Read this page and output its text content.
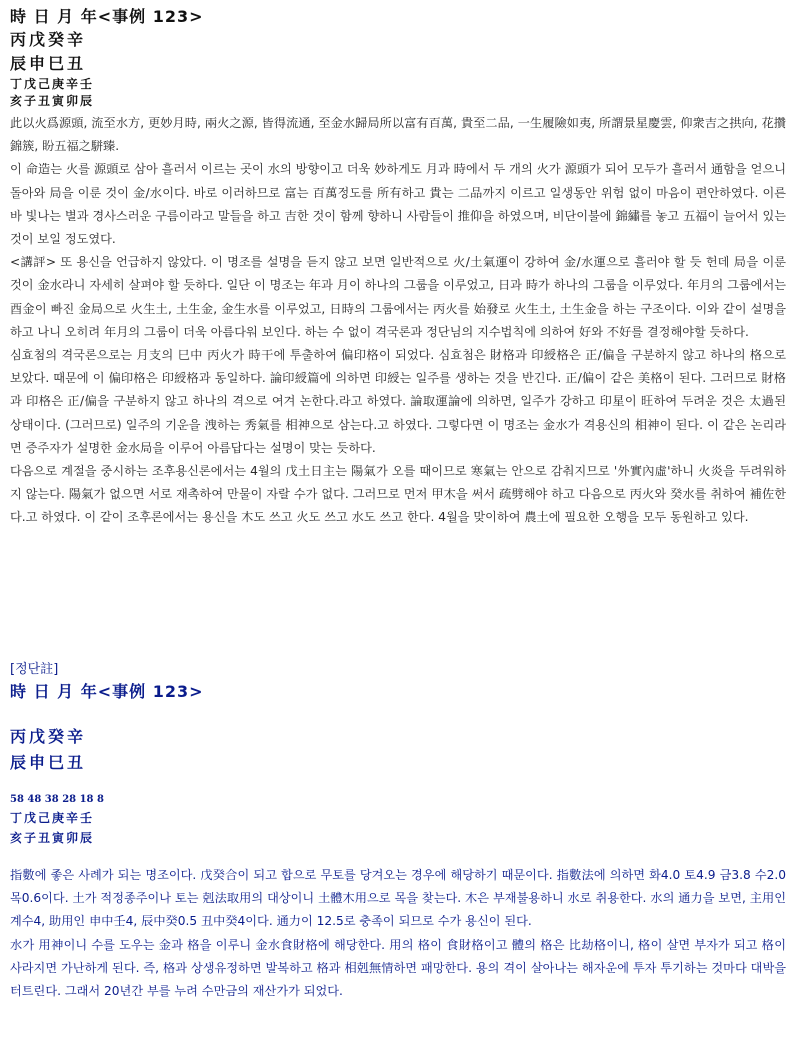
時 日 月 年<事例 123>
丙戊癸辛
辰申巳丑
丁戊己庚辛壬
亥子丑寅卯辰

此以火爲源頭, 流至水方, 更妙月時, 兩火之源, 皆得流通, 至金水歸局所以富有百萬, 貴至二品, 一生履險如夷, 所謂景星慶雲, 仰衆吉之拱向, 花攢錦簇, 盼五福之駢臻.

이 命造는 火를 源頭로 삼아 흘러서 이르는 곳이 水의 방향이고 더욱 妙하게도 月과 時에서 두 개의 火가 源頭가 되어 모두가 흘러서 通함을 얻으니 돌아와 局을 이룬 것이 金/水이다. 바로 이러하므로 富는 百萬정도를 所有하고 貴는 二品까지 이르고 일생동안 위험 없이 마음이 편안하였다. 이른바 빛나는 별과 경사스러운 구름이라고 말들을 하고 吉한 것이 함께 향하니 사람들이 推仰을 하였으며, 비단이불에 錦繡를 놓고 五福이 늘어서 있는 것이 보일 정도였다.

<講評> 또 용신을 언급하지 않았다. 이 명조를 설명을 듣지 않고 보면 일반적으로 火/土氣運이 강하여 金/水運으로 흘러야 할 듯 헌데 局을 이룬 것이 金水라니 자세히 살펴야 할 듯하다. 일단 이 명조는 年과 月이 하나의 그룹을 이루었고, 日과 時가 하나의 그룹을 이루었다. 年月의 그룹에서는 酉金이 빠진 金局으로 火生土, 土生金, 金生水를 이루었고, 日時의 그룹에서는 丙火를 始發로 火生土, 土生金을 하는 구조이다. 이와 같이 설명을 하고 나니 오히려 年月의 그룹이 더욱 아름다워 보인다. 하는 수 없이 격국론과 정단님의 지수법칙에 의하여 好와 不好를 결정해야할 듯하다.

심효첨의 격국론으로는 月支의 巳中 丙火가 時干에 투출하여 偏印格이 되었다. 심효첨은 財格과 印綬格은 正/偏을 구분하지 않고 하나의 格으로 보았다. 때문에 이 偏印格은 印綬格과 동일하다. 論印綬篇에 의하면 印綬는 일주를 생하는 것을 반긴다. 正/偏이 같은 美格이 된다. 그러므로 財格과 印格은 正/偏을 구분하지 않고 하나의 격으로 여겨 논한다.라고 하였다. 論取運論에 의하면, 일주가 강하고 印星이 旺하여 두려운 것은 太過된 상태이다. (그러므로) 일주의 기운을 洩하는 秀氣를 相神으로 삼는다.고 하였다. 그렇다면 이 명조는 金水가 격용신의 相神이 된다. 이 같은 논리라면 증주자가 설명한 金水局을 이루어 아름답다는 설명이 맞는 듯하다.

다음으로 계절을 중시하는 조후용신론에서는 4월의 戊土日主는 陽氣가 오를 때이므로 寒氣는 안으로 감춰지므로 '外實內虛'하니 火炎을 두려워하지 않는다. 陽氣가 없으면 서로 재촉하여 만물이 자랄 수가 없다. 그러므로 먼저 甲木을 써서 疏劈해야 하고 다음으로 丙火와 癸水를 취하여 補佐한다.고 하였다. 이 같이 조후론에서는 용신을 木도 쓰고 火도 쓰고 水도 쓰고 한다. 4월을 맞이하여 農土에 필요한 오행을 모두 동원하고 있다.

[정단註]
時 日 月 年<事例 123>
丙戊癸辛
辰申巳丑
58 48 38 28 18 8
丁戊己庚辛壬
亥子丑寅卯辰

指數에 좋은 사례가 되는 명조이다. 戊癸合이 되고 합으로 무토를 당겨오는 경우에 해당하기 때문이다. 指數法에 의하면 화4.0 토4.9 금3.8 수2.0 목0.6이다. 土가 적정종주이나 토는 剋法取用의 대상이니 土體木用으로 목을 찾는다. 木은 부재불용하니 水로 취용한다. 水의 通力을 보면, 主用인 계수4, 助用인 申中壬4, 辰中癸0.5 丑中癸4이다. 通力이 12.5로 충족이 되므로 수가 용신이 된다.

水가 用神이니 수를 도우는 金과 格을 이루니 金水食財格에 해당한다. 用의 格이 食財格이고 體의 格은 比劫格이니, 格이 살면 부자가 되고 格이 사라지면 가난하게 된다. 즉, 格과 상생유정하면 발복하고 格과 相剋無情하면 패망한다. 용의 격이 살아나는 해자운에 투자 투기하는 것마다 대박을 터트린다. 그래서 20년간 부를 누려 수만금의 재산가가 되었다.
